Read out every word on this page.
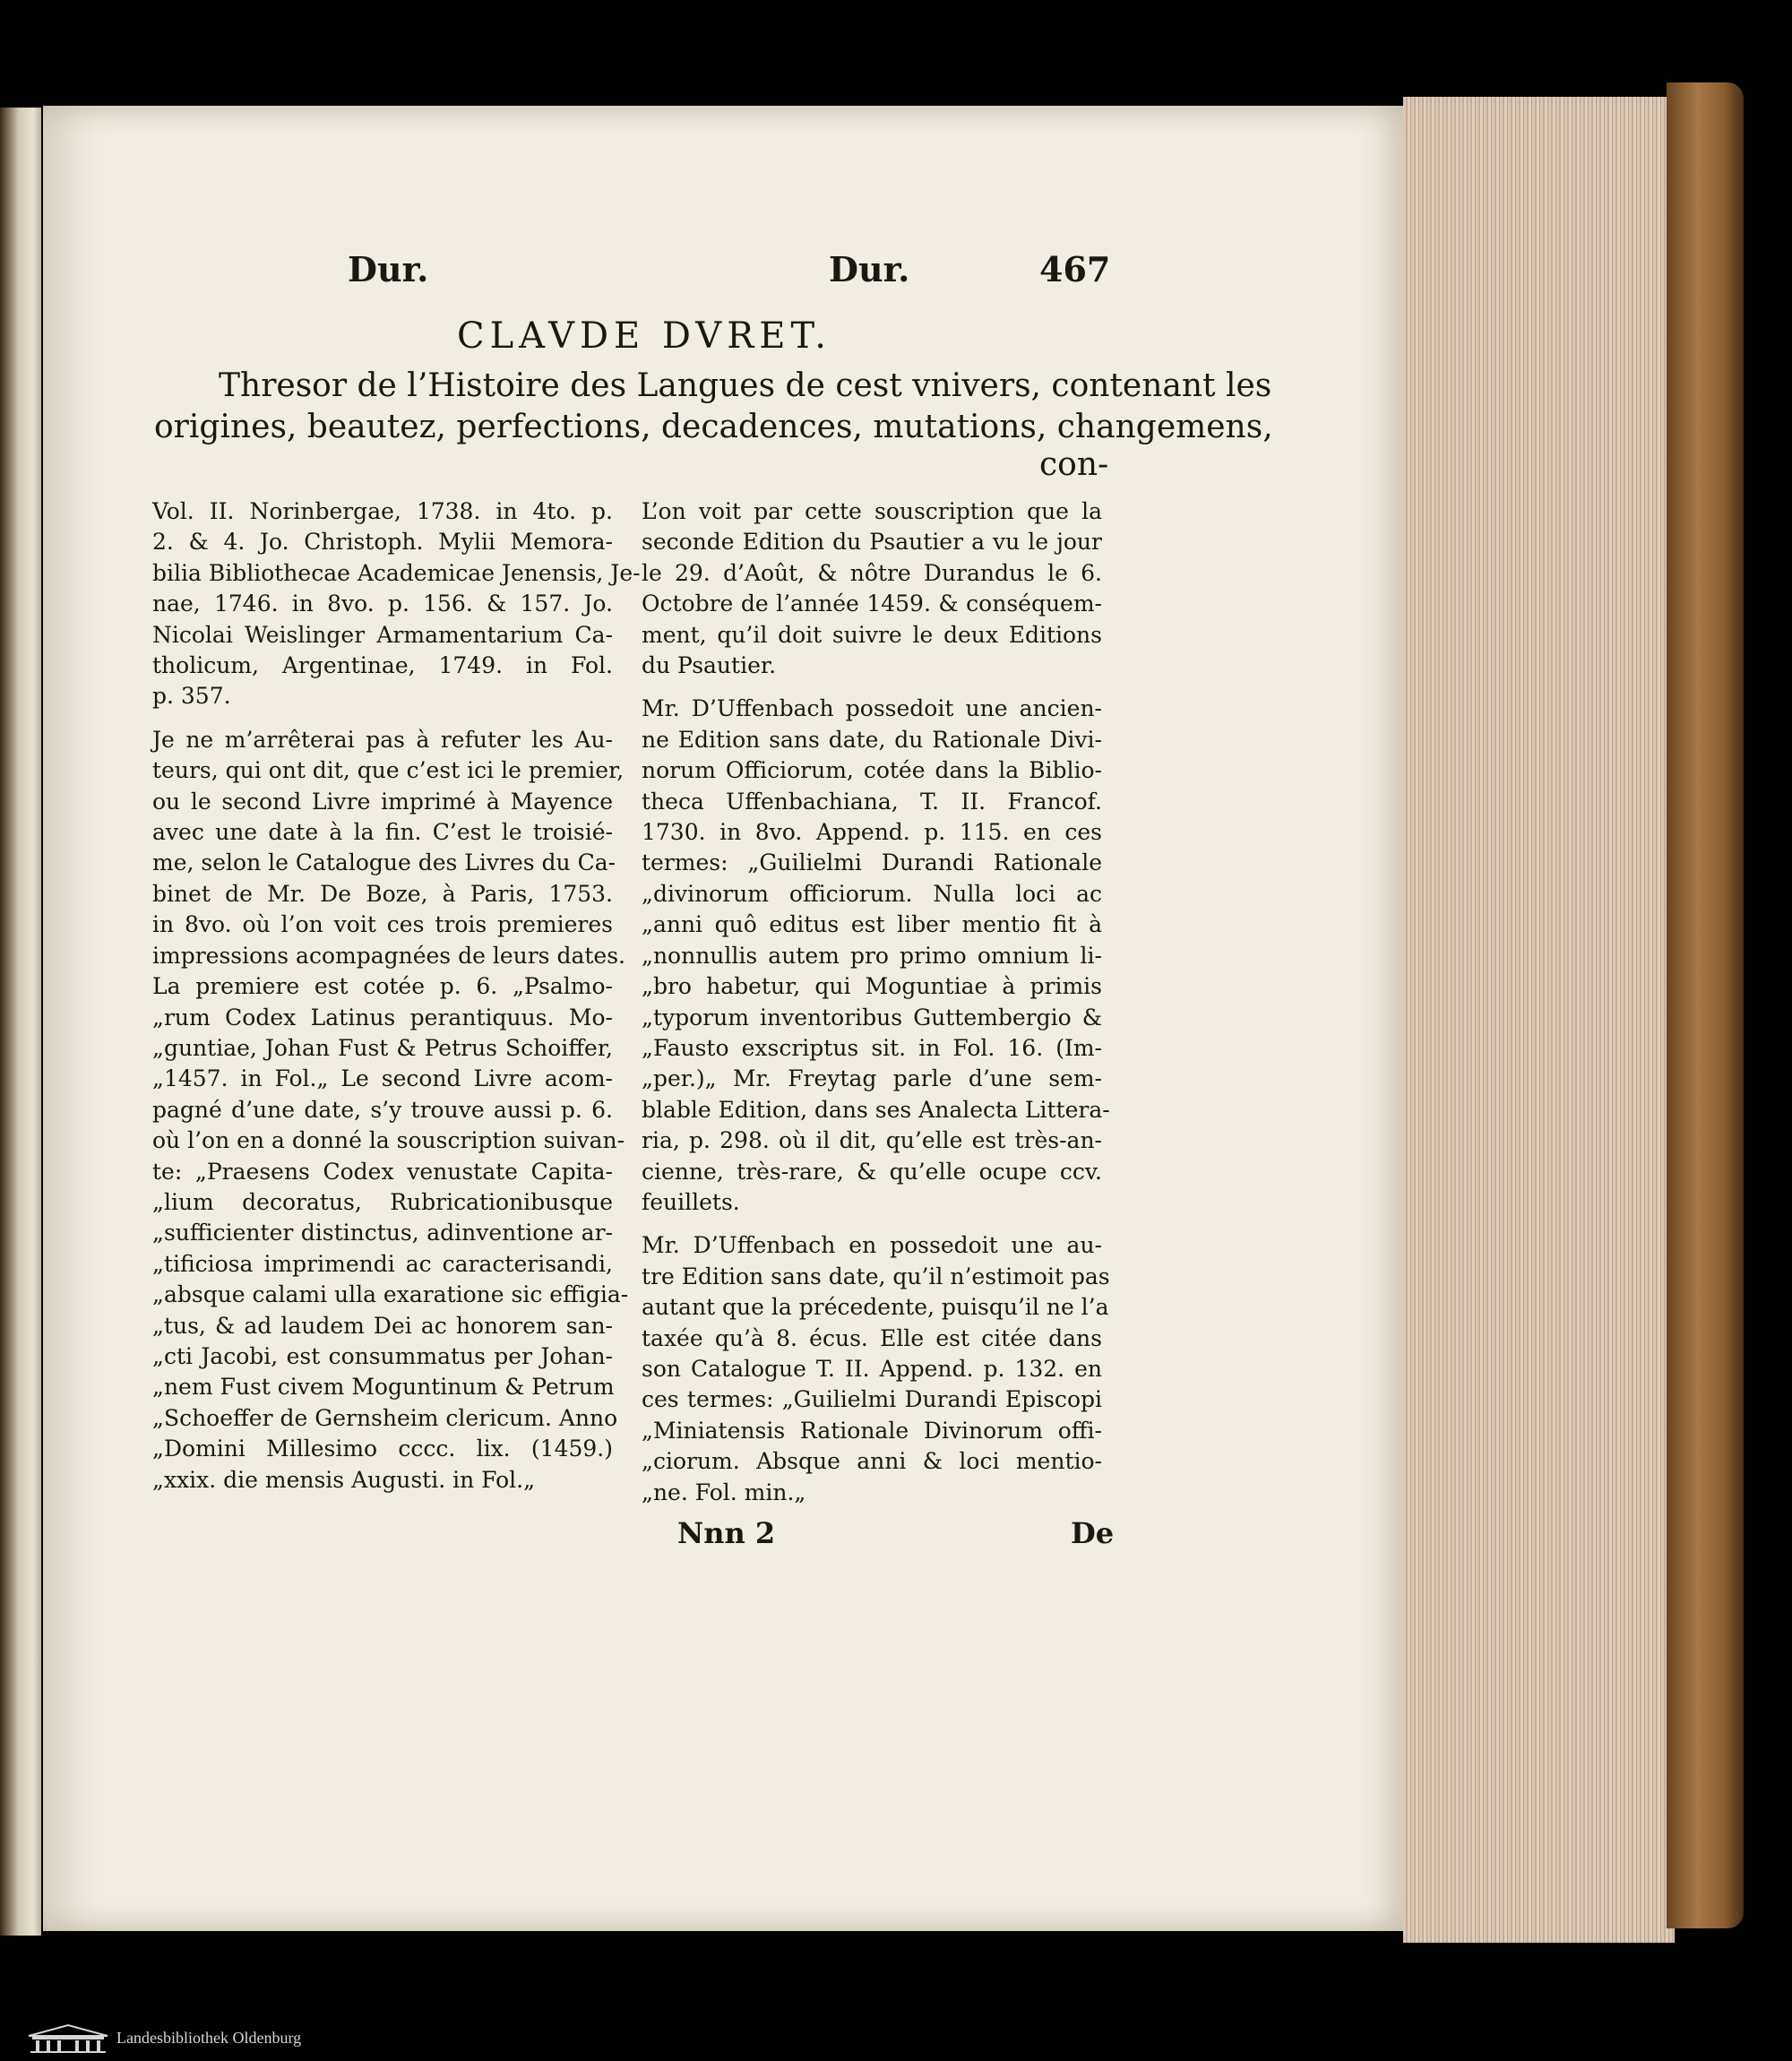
Dur.	Dur.	467
CLAVDE DVRET.
Thresor de l’Histoire des Langues de cest vnivers, contenant les
origines, beautez, perfections, decadences, mutations, changemens,
con-
Vol. II. Norinbergae, 1738. in 4to. p.
2. & 4. Jo. Christoph. Mylii Memora-
bilia Bibliothecae Academicae Jenensis, Je-
nae, 1746. in 8vo. p. 156. & 157. Jo.
Nicolai Weislinger Armamentarium Ca-
tholicum, Argentinae, 1749. in Fol.
p. 357.
Je ne m’arrêterai pas à refuter les Au-
teurs, qui ont dit, que c’est ici le premier,
ou le second Livre imprimé à Mayence
avec une date à la fin. C’est le troisié-
me, selon le Catalogue des Livres du Ca-
binet de Mr. De Boze, à Paris, 1753.
in 8vo. où l’on voit ces trois premieres
impressions acompagnées de leurs dates.
La premiere est cotée p. 6. „Psalmo-
„rum Codex Latinus perantiquus. Mo-
„guntiae, Johan Fust & Petrus Schoiffer,
„1457. in Fol.„ Le second Livre acom-
pagné d’une date, s’y trouve aussi p. 6.
où l’on en a donné la souscription suivan-
te: „Praesens Codex venustate Capita-
„lium decoratus, Rubricationibusque
„sufficienter distinctus, adinventione ar-
„tificiosa imprimendi ac caracterisandi,
„absque calami ulla exaratione sic effigia-
„tus, & ad laudem Dei ac honorem san-
„cti Jacobi, est consummatus per Johan-
„nem Fust civem Moguntinum & Petrum
„Schoeffer de Gernsheim clericum. Anno
„Domini Millesimo cccc. lix. (1459.)
„xxix. die mensis Augusti. in Fol.„
L’on voit par cette souscription que la
seconde Edition du Psautier a vu le jour
le 29. d’Août, & nôtre Durandus le 6.
Octobre de l’année 1459. & conséquem-
ment, qu’il doit suivre le deux Editions
du Psautier.
Mr. D’Uffenbach possedoit une ancien-
ne Edition sans date, du Rationale Divi-
norum Officiorum, cotée dans la Biblio-
theca Uffenbachiana, T. II. Francof.
1730. in 8vo. Append. p. 115. en ces
termes: „Guilielmi Durandi Rationale
„divinorum officiorum. Nulla loci ac
„anni quô editus est liber mentio fit à
„nonnullis autem pro primo omnium li-
„bro habetur, qui Moguntiae à primis
„typorum inventoribus Guttembergio &
„Fausto exscriptus sit. in Fol. 16. (Im-
„per.)„ Mr. Freytag parle d’une sem-
blable Edition, dans ses Analecta Littera-
ria, p. 298. où il dit, qu’elle est très-an-
cienne, très-rare, & qu’elle ocupe ccv.
feuillets.
Mr. D’Uffenbach en possedoit une au-
tre Edition sans date, qu’il n’estimoit pas
autant que la précedente, puisqu’il ne l’a
taxée qu’à 8. écus. Elle est citée dans
son Catalogue T. II. Append. p. 132. en
ces termes: „Guilielmi Durandi Episcopi
„Miniatensis Rationale Divinorum offi-
„ciorum. Absque anni & loci mentio-
„ne. Fol. min.„
Nnn 2	De
Landesbibliothek Oldenburg
